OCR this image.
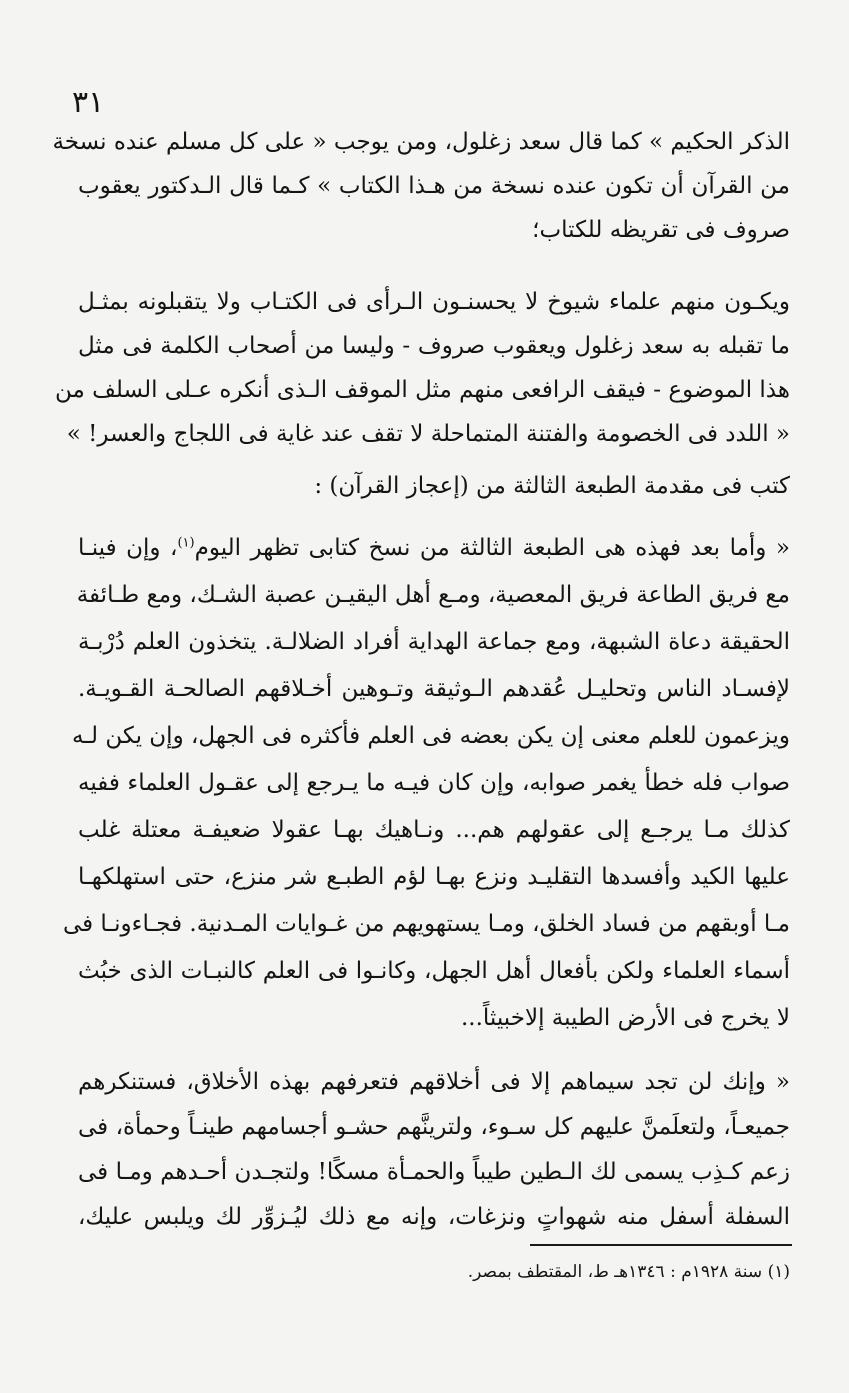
٣١
الذكر الحكيم » كما قال سعد زغلول، ومن يوجب « على كل مسلم عنده نسخة
من القرآن أن تكون عنده نسخة من هـذا الكتاب » كـما قال الـدكتور يعقوب
صروف فى تقريظه للكتاب؛
ويكـون منهم علماء شيوخ لا يحسنـون الـرأى فى الكتـاب ولا يتقبلونه بمثـل
ما تقبله به سعد زغلول ويعقوب صروف - وليسا من أصحاب الكلمة فى مثل
هذا الموضوع - فيقف الرافعى منهم مثل الموقف الـذى أنكره عـلى السلف من
« اللدد فى الخصومة والفتنة المتماحلة لا تقف عند غاية فى اللجاج والعسر! »
كتب فى مقدمة الطبعة الثالثة من (إعجاز القرآن) :
« وأما بعد فهذه هى الطبعة الثالثة من نسخ كتابى تظهر اليوم$^{(١)}$، وإن فينـا
مع فريق الطاعة فريق المعصية، ومـع أهل اليقيـن عصبة الشـك، ومع طـائفة
الحقيقة دعاة الشبهة، ومع جماعة الهداية أفراد الضلالـة. يتخذون العلم دُرْبـة
لإفسـاد الناس وتحليـل عُقدهم الـوثيقة وتـوهين أخـلاقهم الصالحـة القـويـة.
ويزعمون للعلم معنى إن يكن بعضه فى العلم فأكثره فى الجهل، وإن يكن لـه
صواب فله خطأ يغمر صوابه، وإن كان فيـه ما يـرجع إلى عقـول العلماء ففيه
كذلك مـا يرجـع إلى عقولهم هم... ونـاهيك بهـا عقولا ضعيفـة معتلة غلب
عليها الكيد وأفسدها التقليـد ونزع بهـا لؤم الطبـع شر منزع، حتى استهلكهـا
مـا أوبقهم من فساد الخلق، ومـا يستهويهم من غـوايات المـدنية. فجـاءونـا فى
أسماء العلماء ولكن بأفعال أهل الجهل، وكانـوا فى العلم كالنبـات الذى خبُث
لا يخرج فى الأرض الطيبة إلاخبيثاً...
« وإنك لن تجد سيماهم إلا فى أخلاقهم فتعرفهم بهذه الأخلاق، فستنكرهم
جميعـاً، ولتعلَمنَّ عليهم كل سـوء، ولترينَّهم حشـو أجسامهم طينـاً وحمأة، فى
زعم كـذِب يسمى لك الـطين طيباً والحمـأة مسكًا! ولتجـدن أحـدهم ومـا فى
السفلة أسفل منه شهواتٍ ونزغات، وإنه مع ذلك ليُـزوِّر لك ويلبس عليك،
(١) سنة ١٩٢٨م : ١٣٤٦هـ ط، المقتطف بمصر.
